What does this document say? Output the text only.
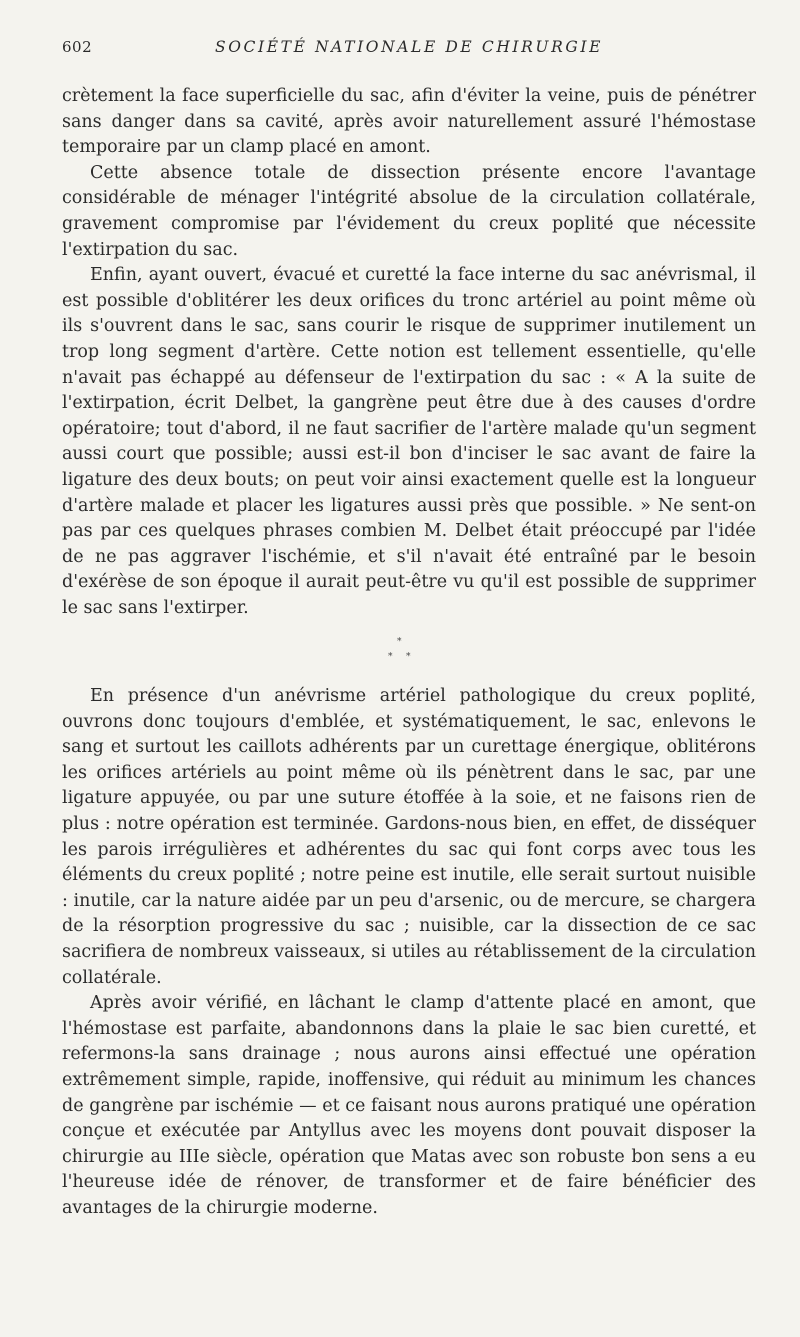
602	SOCIÉTÉ NATIONALE DE CHIRURGIE

crètement la face superficielle du sac, afin d'éviter la veine, puis de pénétrer sans danger dans sa cavité, après avoir naturellement assuré l'hémostase temporaire par un clamp placé en amont.

Cette absence totale de dissection présente encore l'avantage considérable de ménager l'intégrité absolue de la circulation collatérale, gravement compromise par l'évidement du creux poplité que nécessite l'extirpation du sac.

Enfin, ayant ouvert, évacué et curetté la face interne du sac anévrismal, il est possible d'oblitérer les deux orifices du tronc artériel au point même où ils s'ouvrent dans le sac, sans courir le risque de supprimer inutilement un trop long segment d'artère. Cette notion est tellement essentielle, qu'elle n'avait pas échappé au défenseur de l'extirpation du sac : « A la suite de l'extirpation, écrit Delbet, la gangrène peut être due à des causes d'ordre opératoire; tout d'abord, il ne faut sacrifier de l'artère malade qu'un segment aussi court que possible; aussi est-il bon d'inciser le sac avant de faire la ligature des deux bouts; on peut voir ainsi exactement quelle est la longueur d'artère malade et placer les ligatures aussi près que possible. » Ne sent-on pas par ces quelques phrases combien M. Delbet était préoccupé par l'idée de ne pas aggraver l'ischémie, et s'il n'avait été entraîné par le besoin d'exérèse de son époque il aurait peut-être vu qu'il est possible de supprimer le sac sans l'extirper.

*
* *

En présence d'un anévrisme artériel pathologique du creux poplité, ouvrons donc toujours d'emblée, et systématiquement, le sac, enlevons le sang et surtout les caillots adhérents par un curettage énergique, oblitérons les orifices artériels au point même où ils pénètrent dans le sac, par une ligature appuyée, ou par une suture étoffée à la soie, et ne faisons rien de plus : notre opération est terminée. Gardons-nous bien, en effet, de disséquer les parois irrégulières et adhérentes du sac qui font corps avec tous les éléments du creux poplité ; notre peine est inutile, elle serait surtout nuisible : inutile, car la nature aidée par un peu d'arsenic, ou de mercure, se chargera de la résorption progressive du sac ; nuisible, car la dissection de ce sac sacrifiera de nombreux vaisseaux, si utiles au rétablissement de la circulation collatérale.

Après avoir vérifié, en lâchant le clamp d'attente placé en amont, que l'hémostase est parfaite, abandonnons dans la plaie le sac bien curetté, et refermons-la sans drainage ; nous aurons ainsi effectué une opération extrêmement simple, rapide, inoffensive, qui réduit au minimum les chances de gangrène par ischémie — et ce faisant nous aurons pratiqué une opération conçue et exécutée par Antyllus avec les moyens dont pouvait disposer la chirurgie au IIIe siècle, opération que Matas avec son robuste bon sens a eu l'heureuse idée de rénover, de transformer et de faire bénéficier des avantages de la chirurgie moderne.
